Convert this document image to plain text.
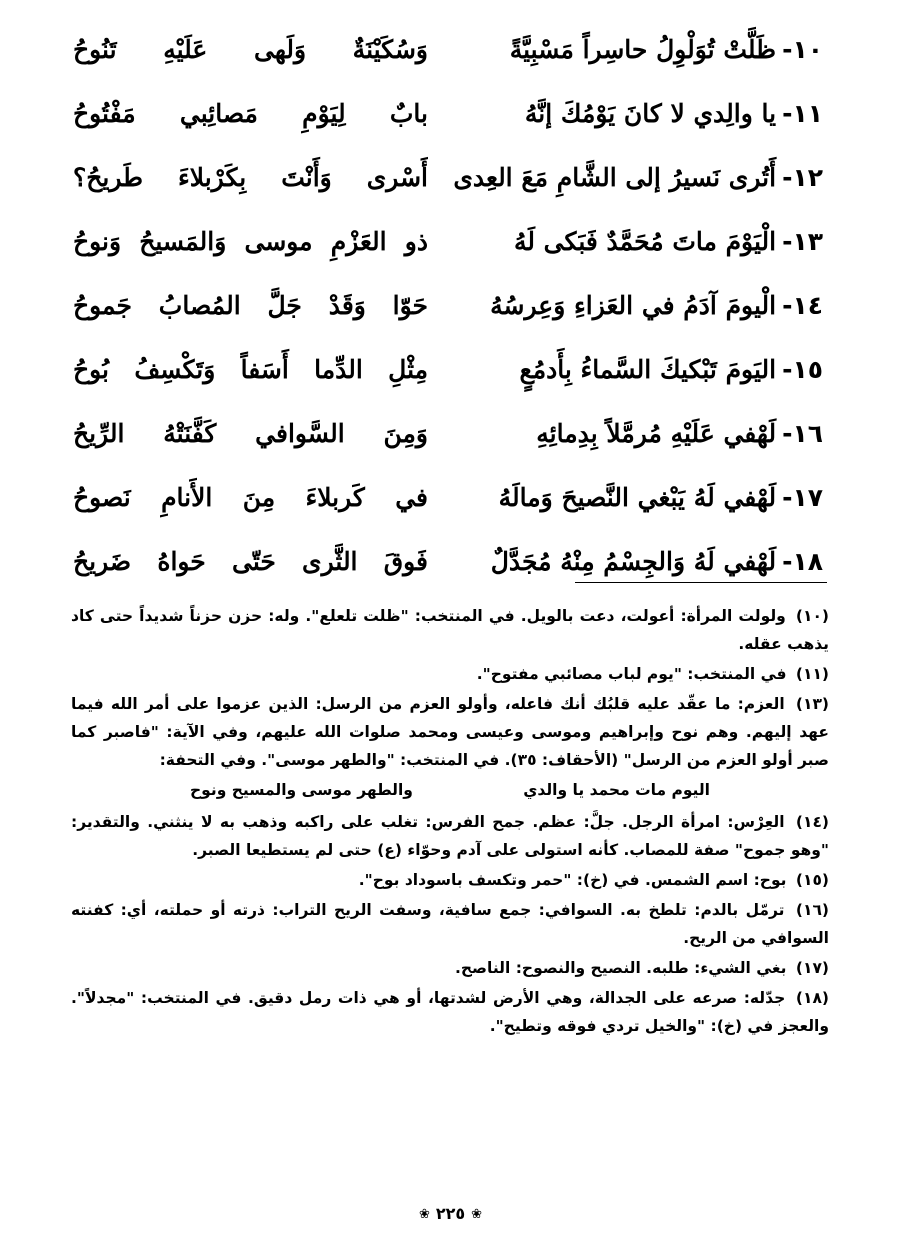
١٠-ظَلَّتْ تُوَلْوِلُ حاسِراً مَسْبِيَّةً
وَسُكَيْنَةٌ وَلَهى عَلَيْهِ تَنُوحُ
١١-يا والِدي لا كانَ يَوْمُكَ إنَّهُ
بابٌ لِيَوْمِ مَصائِبي مَفْتُوحُ
١٢-أَتُرى نَسيرُ إلى الشَّامِ مَعَ العِدى
أَسْرى وَأَنْتَ بِكَرْبلاءَ طَريحُ؟
١٣-الْيَوْمَ ماتَ مُحَمَّدٌ فَبَكى لَهُ
ذو العَزْمِ موسى وَالمَسيحُ وَنوحُ
١٤-الْيومَ آدَمُ في العَزاءِ وَعِرسُهُ
حَوّا وَقَدْ جَلَّ المُصابُ جَموحُ
١٥-اليَومَ تَبْكيكَ السَّماءُ بِأَدمُعٍ
مِثْلِ الدِّما أَسَفاً وَتَكْسِفُ بُوحُ
١٦-لَهْفي عَلَيْهِ مُرمَّلاً بِدِمائِهِ
وَمِنَ السَّوافي كَفَّنَتْهُ الرِّيحُ
١٧-لَهْفي لَهُ يَبْغي النَّصيحَ وَمالَهُ
في كَربلاءَ مِنَ الأَنامِ نَصوحُ
١٨-لَهْفي لَهُ وَالجِسْمُ مِنْهُ مُجَدَّلٌ
فَوقَ الثَّرى حَتّى حَواهُ ضَريحُ

(١٠) ولولت المرأة: أعولت، دعت بالويل. في المنتخب: "ظلت تلعلع". وله: حزن حزناً شديداً حتى كاد يذهب عقله.

(١١) في المنتخب: "يوم لباب مصائبي مفتوح".

(١٣) العزم: ما عقّد عليه قلبُك أنك فاعله، وأولو العزم من الرسل: الذين عزموا على أمر الله فيما عهد إليهم. وهم نوح وإبراهيم وموسى وعيسى ومحمد صلوات الله عليهم، وفي الآية: "فاصبر كما صبر أولو العزم من الرسل" (الأحقاف: ٣٥). في المنتخب: "والطهر موسى". وفي التحفة:

اليوم مات محمد يا والدي
والطهر موسى والمسيح ونوح

(١٤) العِرْس: امرأة الرجل. جلَّ: عظم. جمح الفرس: تغلب على راكبه وذهب به لا ينثني. والتقدير: "وهو جموح" صفة للمصاب. كأنه استولى على آدم وحوّاء (ع) حتى لم يستطيعا الصبر.

(١٥) بوح: اسم الشمس. في (خ): "حمر وتكسف باسوداد بوح".

(١٦) ترمّل بالدم: تلطخ به. السوافي: جمع سافية، وسفت الريح التراب: ذرته أو حملته، أي: كفنته السوافي من الريح.

(١٧) بغي الشيء: طلبه. النصيح والنصوح: الناصح.

(١٨) جدّله: صرعه على الجدالة، وهي الأرض لشدتها، أو هي ذات رمل دقيق. في المنتخب: "مجدلاً". والعجز في (خ): "والخيل تردي فوقه وتطيح".

❀٢٢٥❀
